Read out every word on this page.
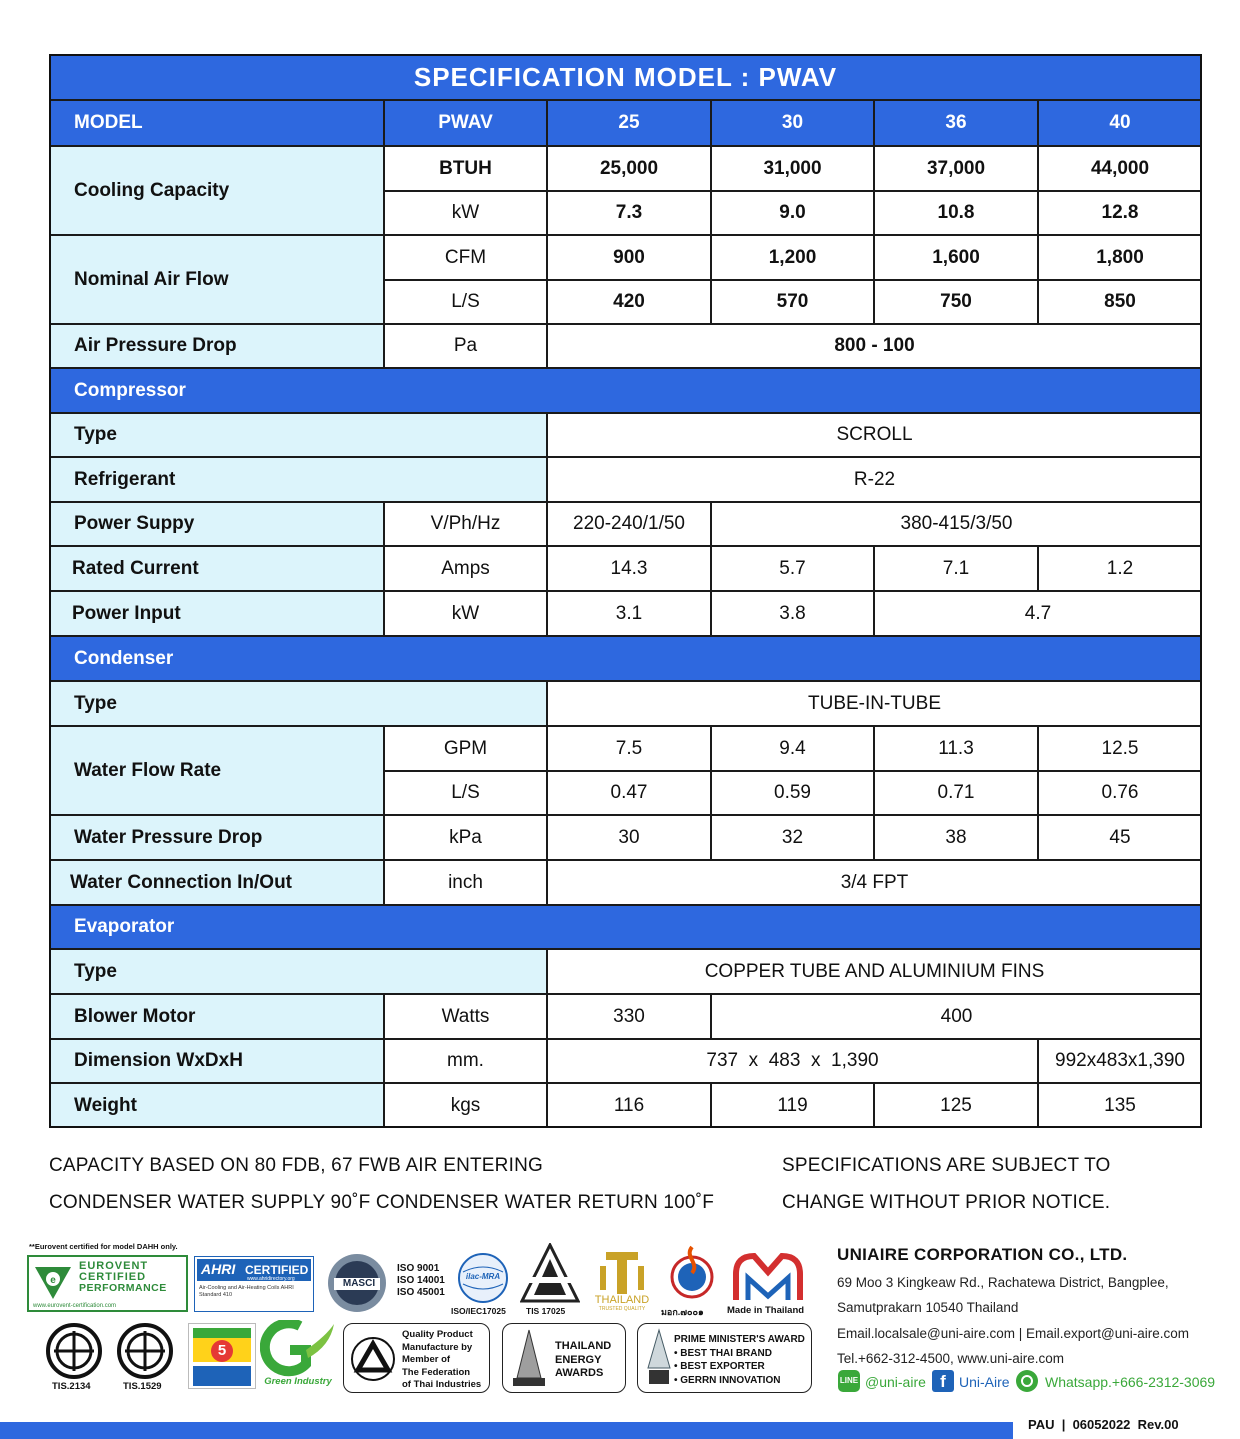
SPECIFICATION MODEL : PWAV
MODEL	PWAV	25	30	36	40
Cooling Capacity
BTUH	25,000	31,000	37,000	44,000
kW	7.3	9.0	10.8	12.8
Nominal Air Flow
CFM	900	1,200	1,600	1,800
L/S	420	570	750	850
Air Pressure Drop	Pa	800 - 100
Compressor
Type	SCROLL
Refrigerant	R-22
Power Suppy	V/Ph/Hz	220-240/1/50	380-415/3/50
Rated Current	Amps	14.3	5.7	7.1	1.2
Power Input	kW	3.1	3.8	4.7
Condenser
Type	TUBE-IN-TUBE
Water Flow Rate
GPM	7.5	9.4	11.3	12.5
L/S	0.47	0.59	0.71	0.76
Water Pressure Drop	kPa	30	32	38	45
Water Connection In/Out	inch	3/4 FPT
Evaporator
Type	COPPER TUBE AND ALUMINIUM FINS
Blower Motor	Watts	330	400
Dimension WxDxH	mm.	737  x  483  x  1,390	992x483x1,390
Weight	kgs	116	119	125	135
CAPACITY BASED ON 80 FDB, 67 FWB AIR ENTERING
CONDENSER WATER SUPPLY 90˚F CONDENSER WATER RETURN 100˚F
SPECIFICATIONS ARE SUBJECT TO
CHANGE WITHOUT PRIOR NOTICE.
**Eurovent certified for model DAHH only.
e
EUROVENT
CERTIFIED
PERFORMANCE
www.eurovent-certification.com
AHRI CERTIFIED
www.ahridirectory.org
Air-Cooling and Air-Heating Coils AHRI Standard 410
MASCI
ISO 9001
ISO 14001
ISO 45001
ilac-MRA
ISO/IEC17025 TIS 17025
THAILAND
TRUSTED QUALITY	มอก.๗๐๐๑ Made in Thailand
TIS.2134	TIS.1529
5
Green Industry
Quality Product
Manufacture by
Member of
The Federation
of Thai Industries
THAILAND
ENERGY
AWARDS
PRIME MINISTER'S AWARD
• BEST THAI BRAND
• BEST EXPORTER
• GERRN INNOVATION
UNIAIRE CORPORATION CO., LTD.
69 Moo 3 Kingkeaw Rd., Rachatewa District, Bangplee,
Samutprakarn 10540 Thailand
Email.localsale@uni-aire.com | Email.export@uni-aire.com
Tel.+662-312-4500, www.uni-aire.com
LINE @uni-aire f Uni-Aire	Whatsapp.+666-2312-3069
PAU  |  06052022  Rev.00
